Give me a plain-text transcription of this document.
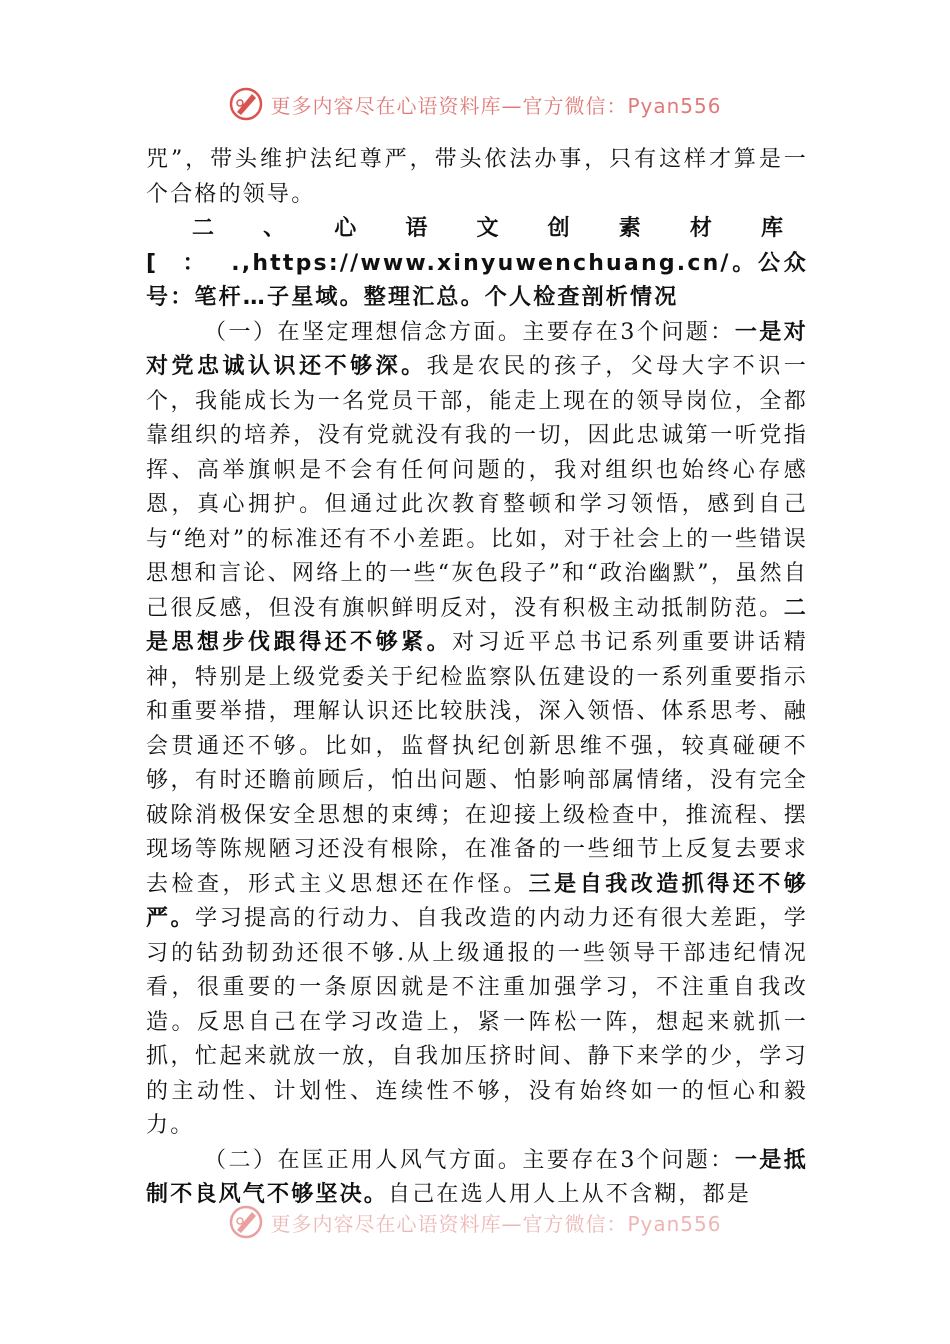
更多内容尽在心语资料库—官方微信：Pyan556

咒”，带头维护法纪尊严，带头依法办事，只有这样才算是一个合格的领导。

二、心语文创素材库[：.,https://www.xinyuwenchuang.cn/。公众号：笔杆…子星域。整理汇总。个人检查剖析情况

（一）在坚定理想信念方面。主要存在3个问题：一是对对党忠诚认识还不够深。我是农民的孩子，父母大字不识一个，我能成长为一名党员干部，能走上现在的领导岗位，全都靠组织的培养，没有党就没有我的一切，因此忠诚第一听党指挥、高举旗帜是不会有任何问题的，我对组织也始终心存感恩，真心拥护。但通过此次教育整顿和学习领悟，感到自己与“绝对”的标准还有不小差距。比如，对于社会上的一些错误思想和言论、网络上的一些“灰色段子”和“政治幽默”，虽然自己很反感，但没有旗帜鲜明反对，没有积极主动抵制防范。二是思想步伐跟得还不够紧。对习近平总书记系列重要讲话精神，特别是上级党委关于纪检监察队伍建设的一系列重要指示和重要举措，理解认识还比较肤浅，深入领悟、体系思考、融会贯通还不够。比如，监督执纪创新思维不强，较真碰硬不够，有时还瞻前顾后，怕出问题、怕影响部属情绪，没有完全破除消极保安全思想的束缚；在迎接上级检查中，推流程、摆现场等陈规陋习还没有根除，在准备的一些细节上反复去要求去检查，形式主义思想还在作怪。三是自我改造抓得还不够严。学习提高的行动力、自我改造的内动力还有很大差距，学习的钻劲韧劲还很不够.从上级通报的一些领导干部违纪情况看，很重要的一条原因就是不注重加强学习，不注重自我改造。反思自己在学习改造上，紧一阵松一阵，想起来就抓一抓，忙起来就放一放，自我加压挤时间、静下来学的少，学习的主动性、计划性、连续性不够，没有始终如一的恒心和毅力。

（二）在匡正用人风气方面。主要存在3个问题：一是抵制不良风气不够坚决。自己在选人用人上从不含糊，都是

更多内容尽在心语资料库—官方微信：Pyan556
